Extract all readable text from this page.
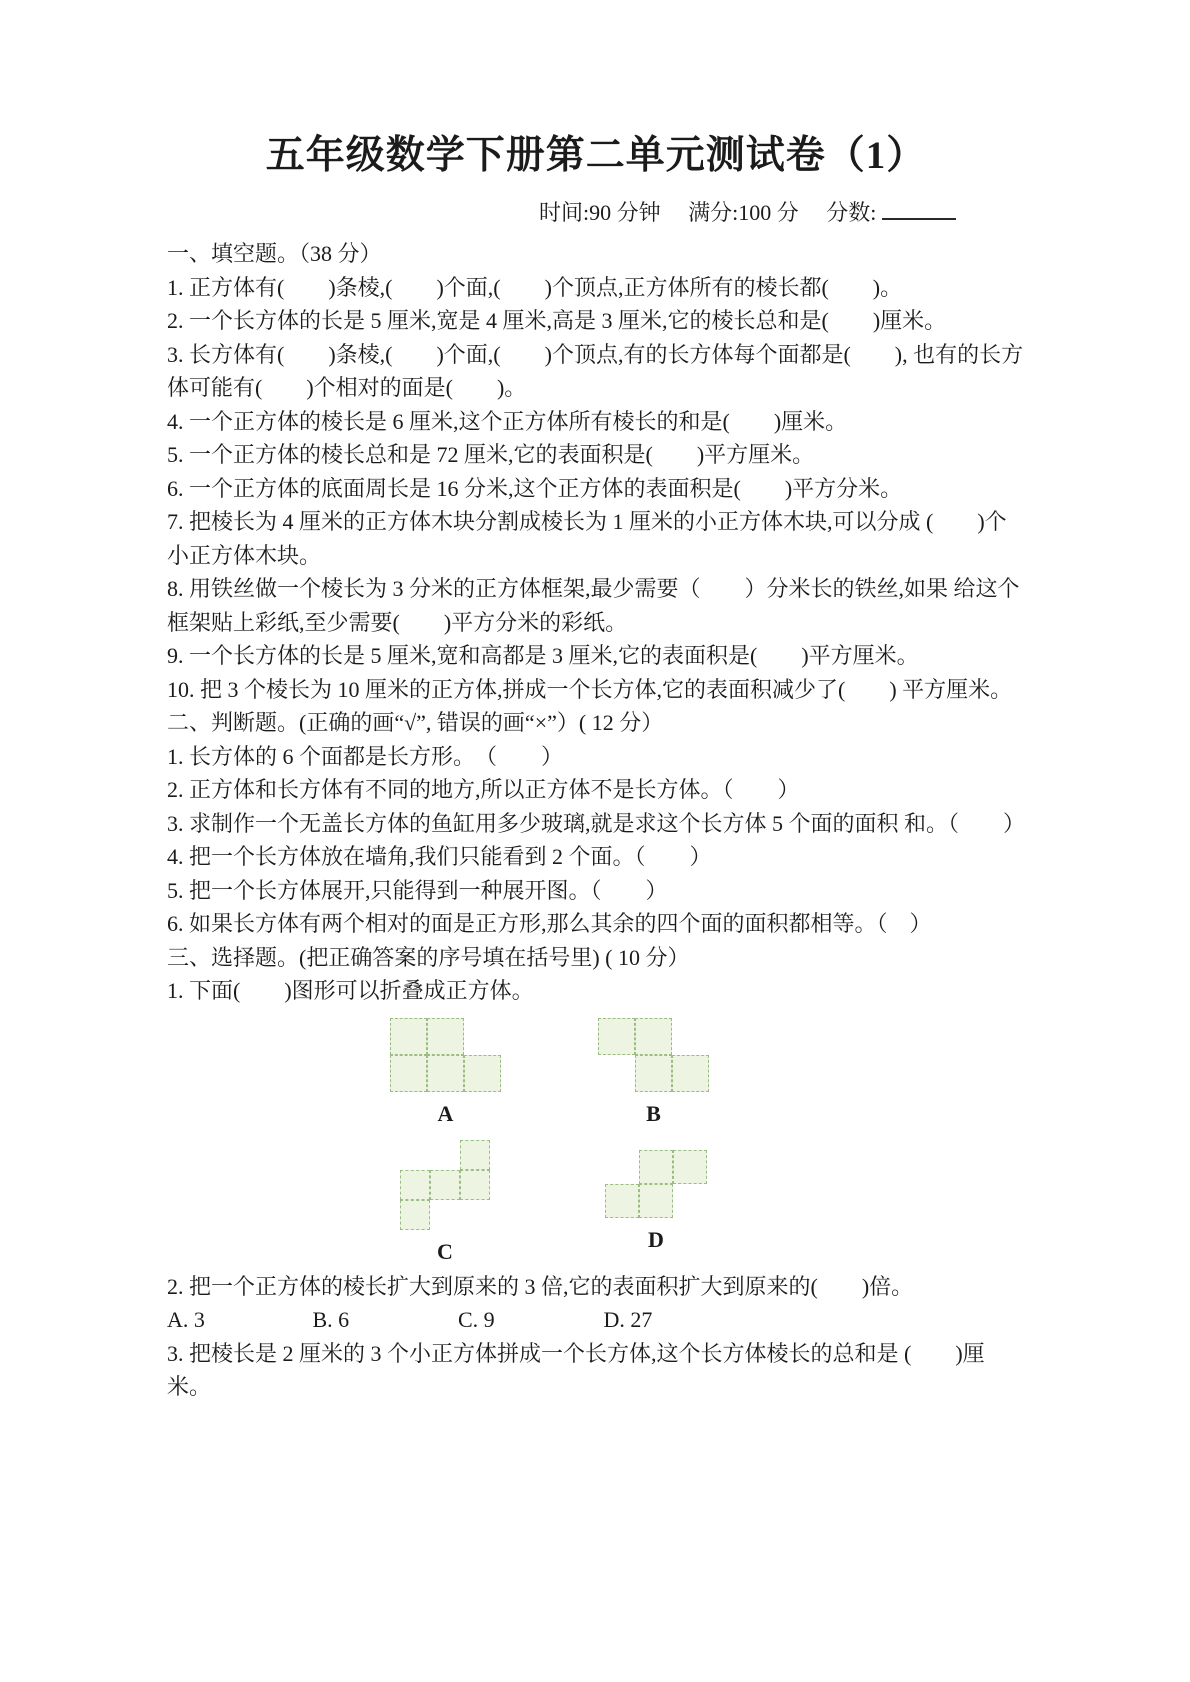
五年级数学下册第二单元测试卷（1）
时间:90 分钟 满分:100 分 分数:

一、填空题。（38 分）

1. 正方体有(　　)条棱,(　　)个面,(　　)个顶点,正方体所有的棱长都(　　)。

2. 一个长方体的长是 5 厘米,宽是 4 厘米,高是 3 厘米,它的棱长总和是(　　)厘米。

3. 长方体有(　　)条棱,(　　)个面,(　　)个顶点,有的长方体每个面都是(　　), 也有的长方体可能有(　　)个相对的面是(　　)。

4. 一个正方体的棱长是 6 厘米,这个正方体所有棱长的和是(　　)厘米。

5. 一个正方体的棱长总和是 72 厘米,它的表面积是(　　)平方厘米。

6. 一个正方体的底面周长是 16 分米,这个正方体的表面积是(　　)平方分米。

7. 把棱长为 4 厘米的正方体木块分割成棱长为 1 厘米的小正方体木块,可以分成 (　　)个小正方体木块。

8. 用铁丝做一个棱长为 3 分米的正方体框架,最少需要（　　）分米长的铁丝,如果 给这个框架贴上彩纸,至少需要(　　)平方分米的彩纸。

9. 一个长方体的长是 5 厘米,宽和高都是 3 厘米,它的表面积是(　　)平方厘米。

10. 把 3 个棱长为 10 厘米的正方体,拼成一个长方体,它的表面积减少了(　　) 平方厘米。

二、判断题。(正确的画“√”, 错误的画“×”）( 12 分）

1. 长方体的 6 个面都是长方形。　（　　）

2. 正方体和长方体有不同的地方,所以正方体不是长方体。（　　）

3. 求制作一个无盖长方体的鱼缸用多少玻璃,就是求这个长方体 5 个面的面积 和。（　　）

4. 把一个长方体放在墙角,我们只能看到 2 个面。（　　）

5. 把一个长方体展开,只能得到一种展开图。（　　）

6. 如果长方体有两个相对的面是正方形,那么其余的四个面的面积都相等。（　）

三、选择题。(把正确答案的序号填在括号里) ( 10 分）

1. 下面(　　)图形可以折叠成正方体。

A	B
C	D

2. 把一个正方体的棱长扩大到原来的 3 倍,它的表面积扩大到原来的(　　)倍。

A. 3	B. 6	C. 9	D. 27

3. 把棱长是 2 厘米的 3 个小正方体拼成一个长方体,这个长方体棱长的总和是 (　　)厘米。
